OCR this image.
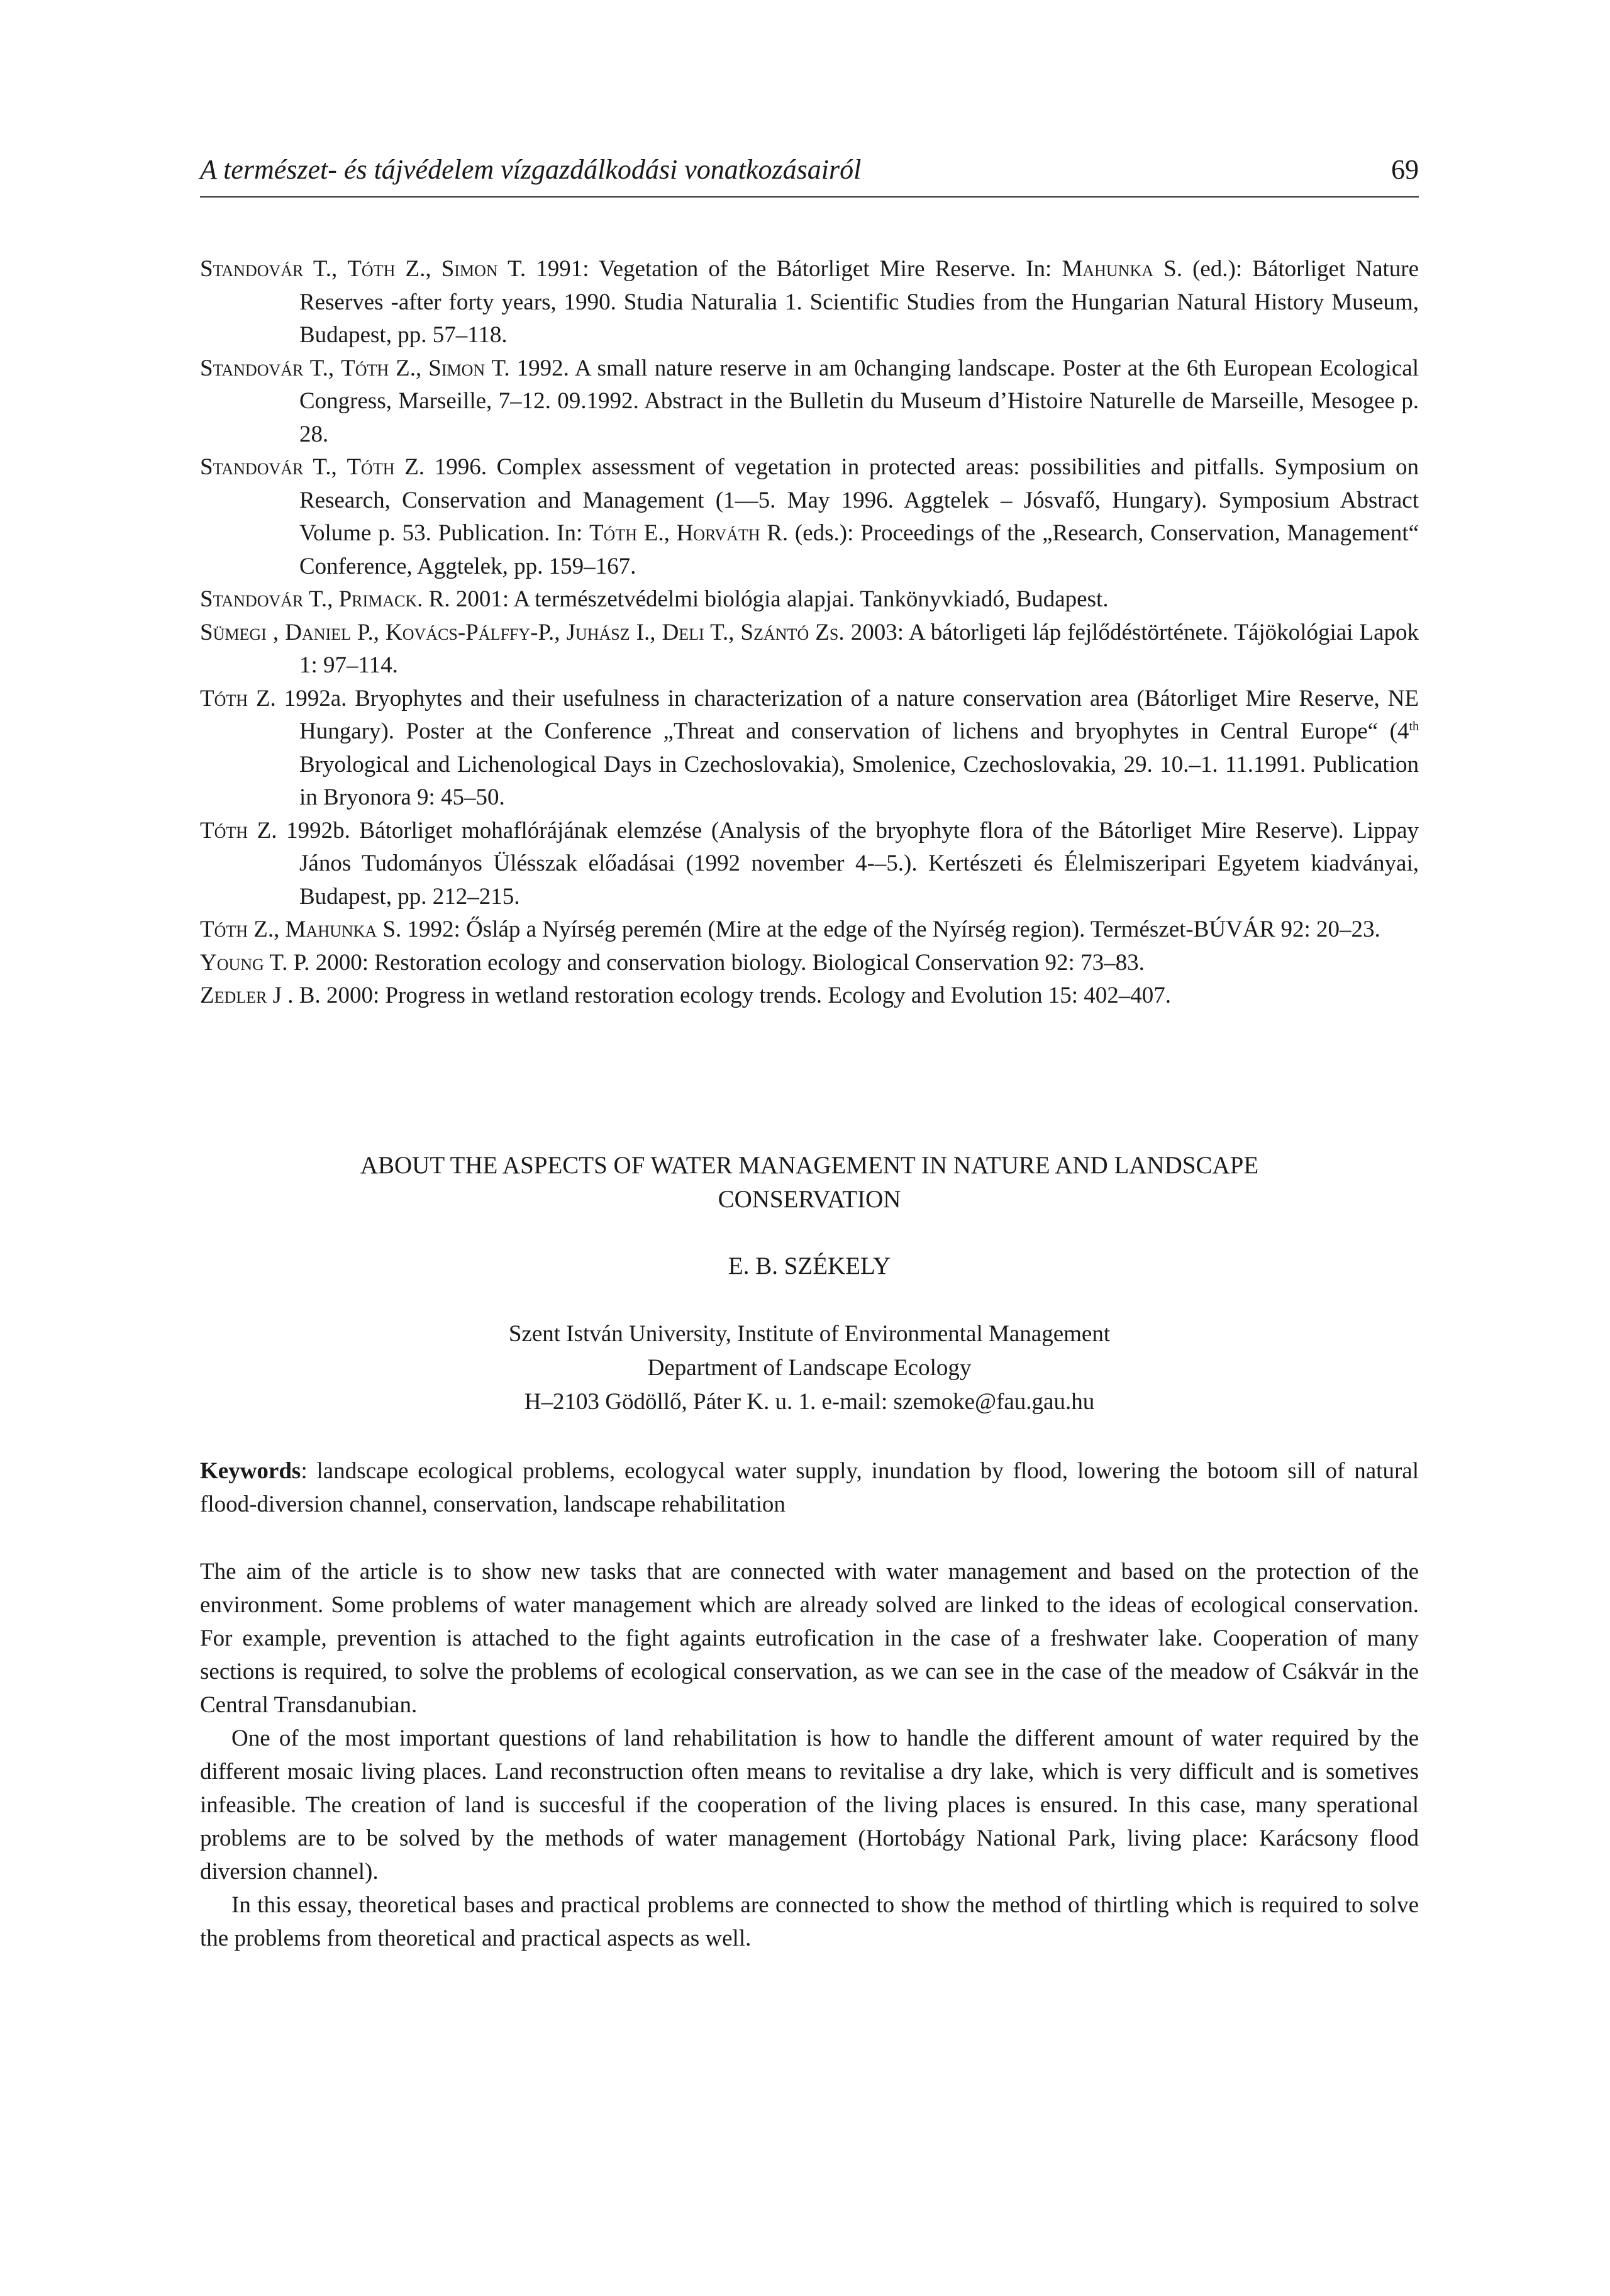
A természet- és tájvédelem vízgazdálkodási vonatkozásairól	69

Standovár T., Tóth Z., Simon T. 1991: Vegetation of the Bátorliget Mire Reserve. In: Mahunka S. (ed.): Bátorliget Nature Reserves -after forty years, 1990. Studia Naturalia 1. Scientific Studies from the Hungarian Natural History Museum, Budapest, pp. 57–118.

Standovár T., Tóth Z., Simon T. 1992. A small nature reserve in am 0changing landscape. Poster at the 6th European Ecological Congress, Marseille, 7–12. 09.1992. Abstract in the Bulletin du Museum d’Histoire Naturelle de Marseille, Mesogee p. 28.

Standovár T., Tóth Z. 1996. Complex assessment of vegetation in protected areas: possibilities and pitfalls. Symposium on Research, Conservation and Management (1––5. May 1996. Aggtelek – Jósvafő, Hungary). Symposium Abstract Volume p. 53. Publication. In: Tóth E., Horváth R. (eds.): Proceedings of the „Research, Conservation, Management“ Conference, Aggtelek, pp. 159–167.

Standovár T., Primack. R. 2001: A természetvédelmi biológia alapjai. Tankönyvkiadó, Budapest.

Sümegi , Daniel P., Kovács-Pálffy-P., Juhász I., Deli T., Szántó Zs. 2003: A bátorligeti láp fejlődéstörténete. Tájökológiai Lapok 1: 97–114.

Tóth Z. 1992a. Bryophytes and their usefulness in characterization of a nature conservation area (Bátorliget Mire Reserve, NE Hungary). Poster at the Conference „Threat and conservation of lichens and bryophytes in Central Europe“ (4th Bryological and Lichenological Days in Czechoslovakia), Smolenice, Czechoslovakia, 29. 10.–1. 11.1991. Publication in Bryonora 9: 45–50.

Tóth Z. 1992b. Bátorliget mohaflórájának elemzése (Analysis of the bryophyte flora of the Bátorliget Mire Reserve). Lippay János Tudományos Ülésszak előadásai (1992 november 4-–5.). Kertészeti és Élelmiszeripari Egyetem kiadványai, Budapest, pp. 212–215.

Tóth Z., Mahunka S. 1992: Ősláp a Nyírség peremén (Mire at the edge of the Nyírség region). Természet-BÚVÁR 92: 20–23.

Young T. P. 2000: Restoration ecology and conservation biology. Biological Conservation 92: 73–83.

Zedler J . B. 2000: Progress in wetland restoration ecology trends. Ecology and Evolution 15: 402–407.

ABOUT THE ASPECTS OF WATER MANAGEMENT IN NATURE AND LANDSCAPE
CONSERVATION
E. B. SZÉKELY
Szent István University, Institute of Environmental Management
Department of Landscape Ecology
H–2103 Gödöllő, Páter K. u. 1. e-mail: szemoke@fau.gau.hu
Keywords: landscape ecological problems, ecologycal water supply, inundation by flood, lowering the botoom sill of natural flood-diversion channel, conservation, landscape rehabilitation

The aim of the article is to show new tasks that are connected with water management and based on the protection of the environment. Some problems of water management which are already solved are linked to the ideas of ecological conservation. For example, prevention is attached to the fight againts eutrofication in the case of a freshwater lake. Cooperation of many sections is required, to solve the problems of ecological conservation, as we can see in the case of the meadow of Csákvár in the Central Transdanubian.

One of the most important questions of land rehabilitation is how to handle the different amount of water required by the different mosaic living places. Land reconstruction often means to revitalise a dry lake, which is very difficult and is sometives infeasible. The creation of land is succesful if the cooperation of the living places is ensured. In this case, many sperational problems are to be solved by the methods of water management (Hortobágy National Park, living place: Karácsony flood diversion channel).

In this essay, theoretical bases and practical problems are connected to show the method of thirtling which is required to solve the problems from theoretical and practical aspects as well.
